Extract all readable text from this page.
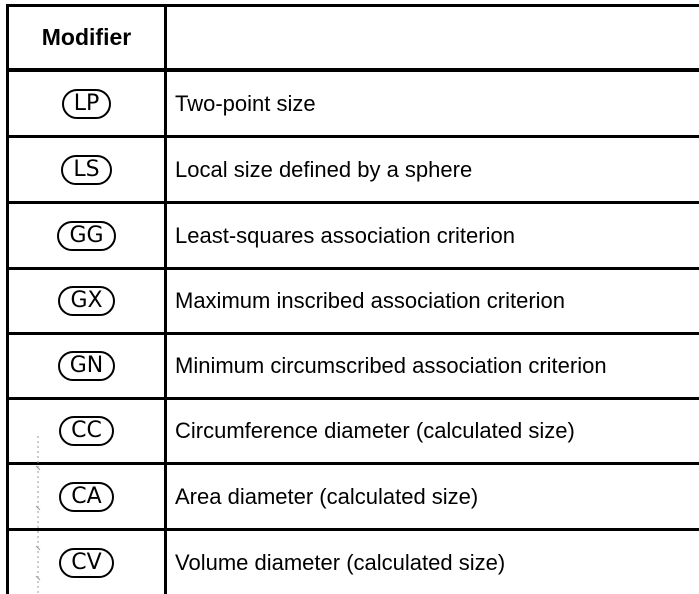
Modifier
LP	Two-point size
LS	Local size defined by a sphere
GG	Least-squares association criterion
GX	Maximum inscribed association criterion
GN	Minimum circumscribed association criterion
CC	Circumference diameter (calculated size)
CA	Area diameter (calculated size)
CV	Volume diameter (calculated size)
